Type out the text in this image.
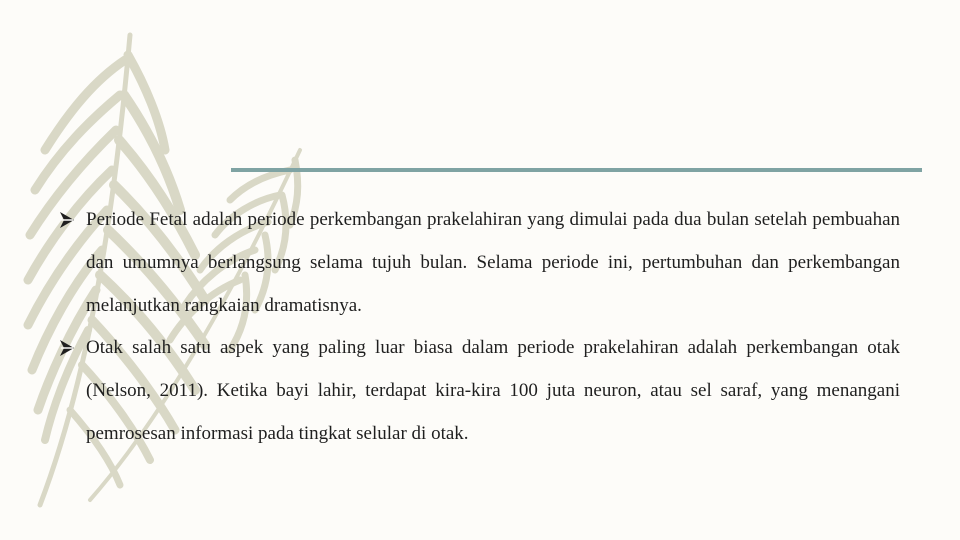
Periode Fetal adalah periode perkembangan prakelahiran yang dimulai pada dua bulan setelah pembuahan dan umumnya berlangsung selama tujuh bulan. Selama periode ini, pertumbuhan dan perkembangan melanjutkan rangkaian dramatisnya.
Otak salah satu aspek yang paling luar biasa dalam periode prakelahiran adalah perkembangan otak (Nelson, 2011). Ketika bayi lahir, terdapat kira-kira 100 juta neuron, atau sel saraf, yang menangani pemrosesan informasi pada tingkat selular di otak.
